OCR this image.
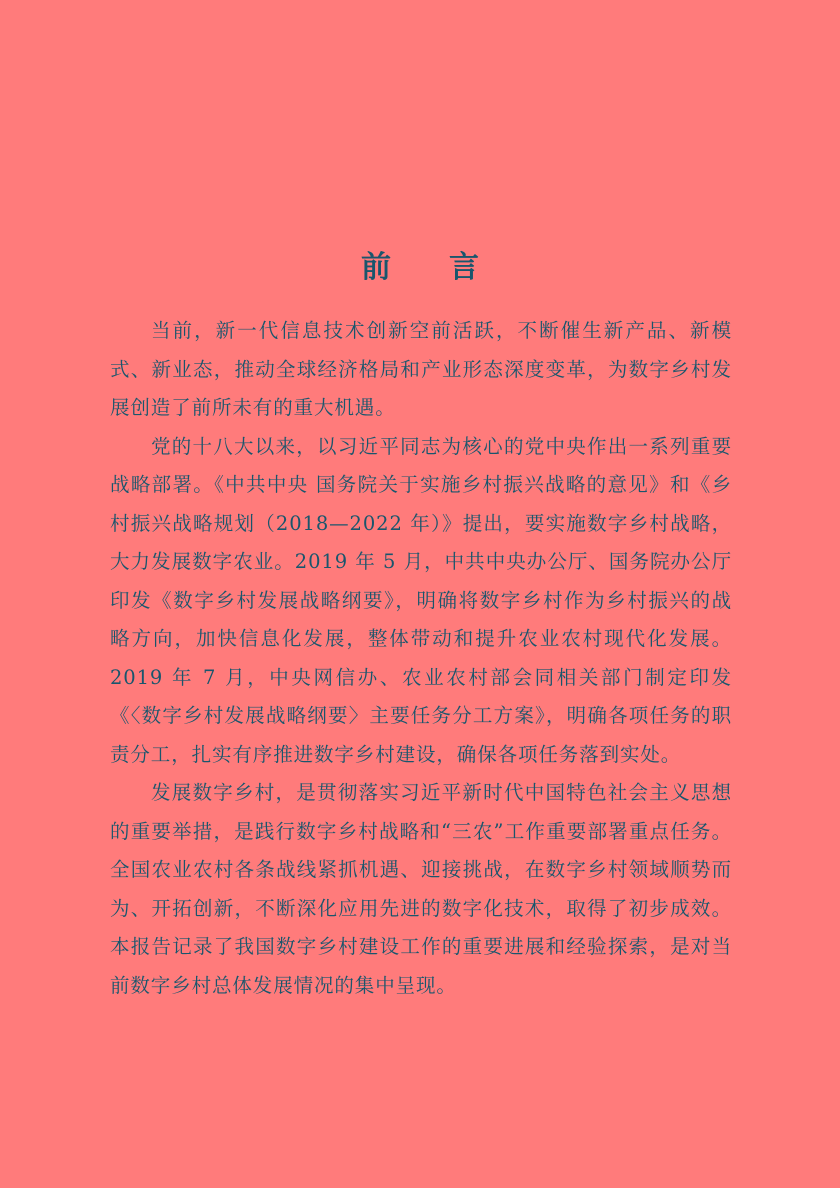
前言

当前，新一代信息技术创新空前活跃，不断催生新产品、新模式、新业态，推动全球经济格局和产业形态深度变革，为数字乡村发展创造了前所未有的重大机遇。

党的十八大以来，以习近平同志为核心的党中央作出一系列重要战略部署。《中共中央 国务院关于实施乡村振兴战略的意见》和《乡村振兴战略规划（2018—2022 年）》提出，要实施数字乡村战略，大力发展数字农业。2019 年 5 月，中共中央办公厅、国务院办公厅印发《数字乡村发展战略纲要》，明确将数字乡村作为乡村振兴的战略方向，加快信息化发展，整体带动和提升农业农村现代化发展。2019 年 7 月，中央网信办、农业农村部会同相关部门制定印发《〈数字乡村发展战略纲要〉主要任务分工方案》，明确各项任务的职责分工，扎实有序推进数字乡村建设，确保各项任务落到实处。

发展数字乡村，是贯彻落实习近平新时代中国特色社会主义思想的重要举措，是践行数字乡村战略和“三农”工作重要部署重点任务。全国农业农村各条战线紧抓机遇、迎接挑战，在数字乡村领域顺势而为、开拓创新，不断深化应用先进的数字化技术，取得了初步成效。本报告记录了我国数字乡村建设工作的重要进展和经验探索，是对当前数字乡村总体发展情况的集中呈现。
